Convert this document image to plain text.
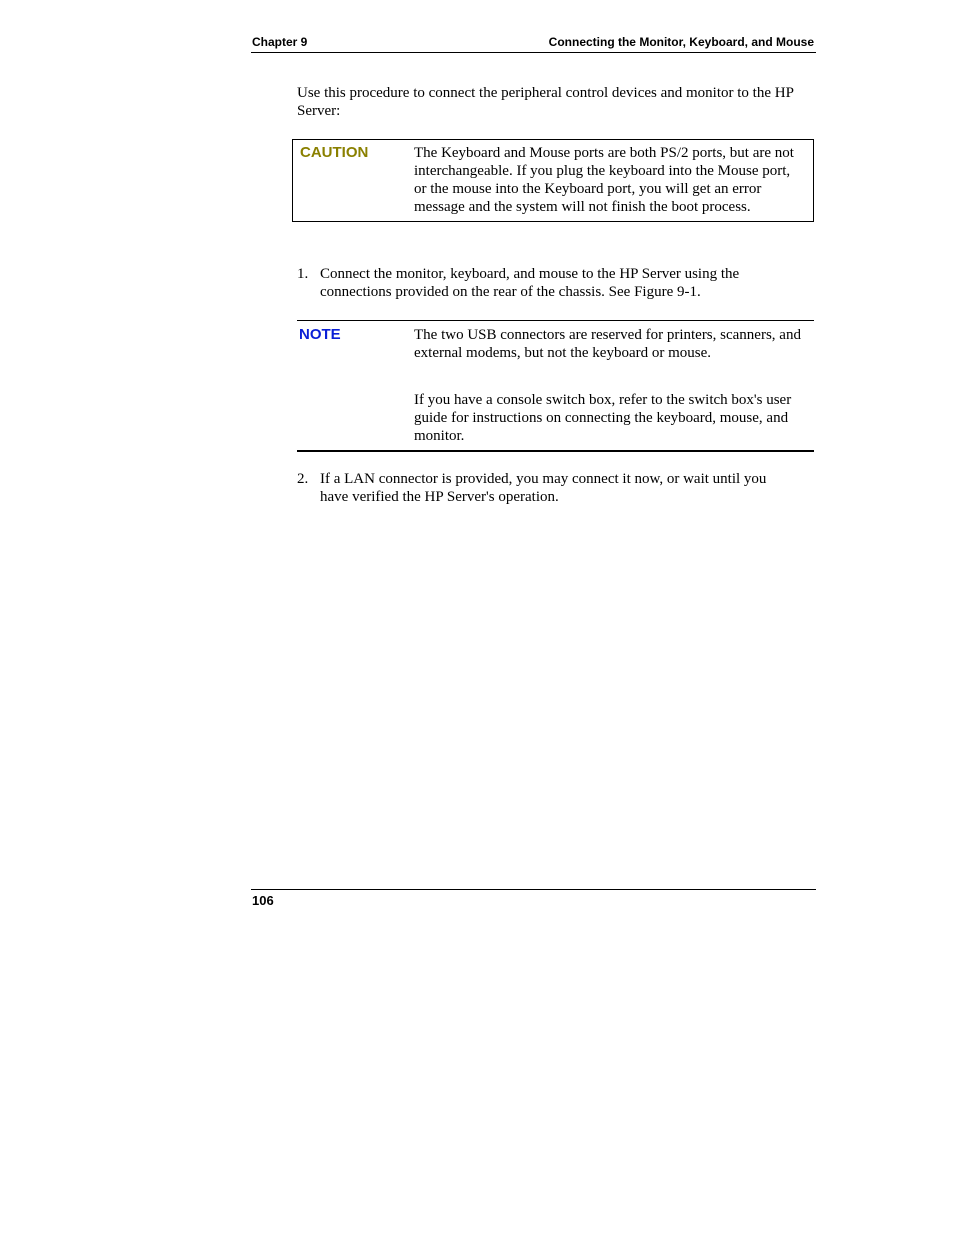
Chapter 9	Connecting the Monitor, Keyboard, and Mouse
Use this procedure to connect the peripheral control devices and monitor to the HP Server:
CAUTION	The Keyboard and Mouse ports are both PS/2 ports, but are not interchangeable. If you plug the keyboard into the Mouse port, or the mouse into the Keyboard port, you will get an error message and the system will not finish the boot process.
1. Connect the monitor, keyboard, and mouse to the HP Server using the connections provided on the rear of the chassis. See Figure 9-1.
NOTE	The two USB connectors are reserved for printers, scanners, and external modems, but not the keyboard or mouse.
If you have a console switch box, refer to the switch box's user guide for instructions on connecting the keyboard, mouse, and monitor.
2. If a LAN connector is provided, you may connect it now, or wait until you have verified the HP Server's operation.
106
